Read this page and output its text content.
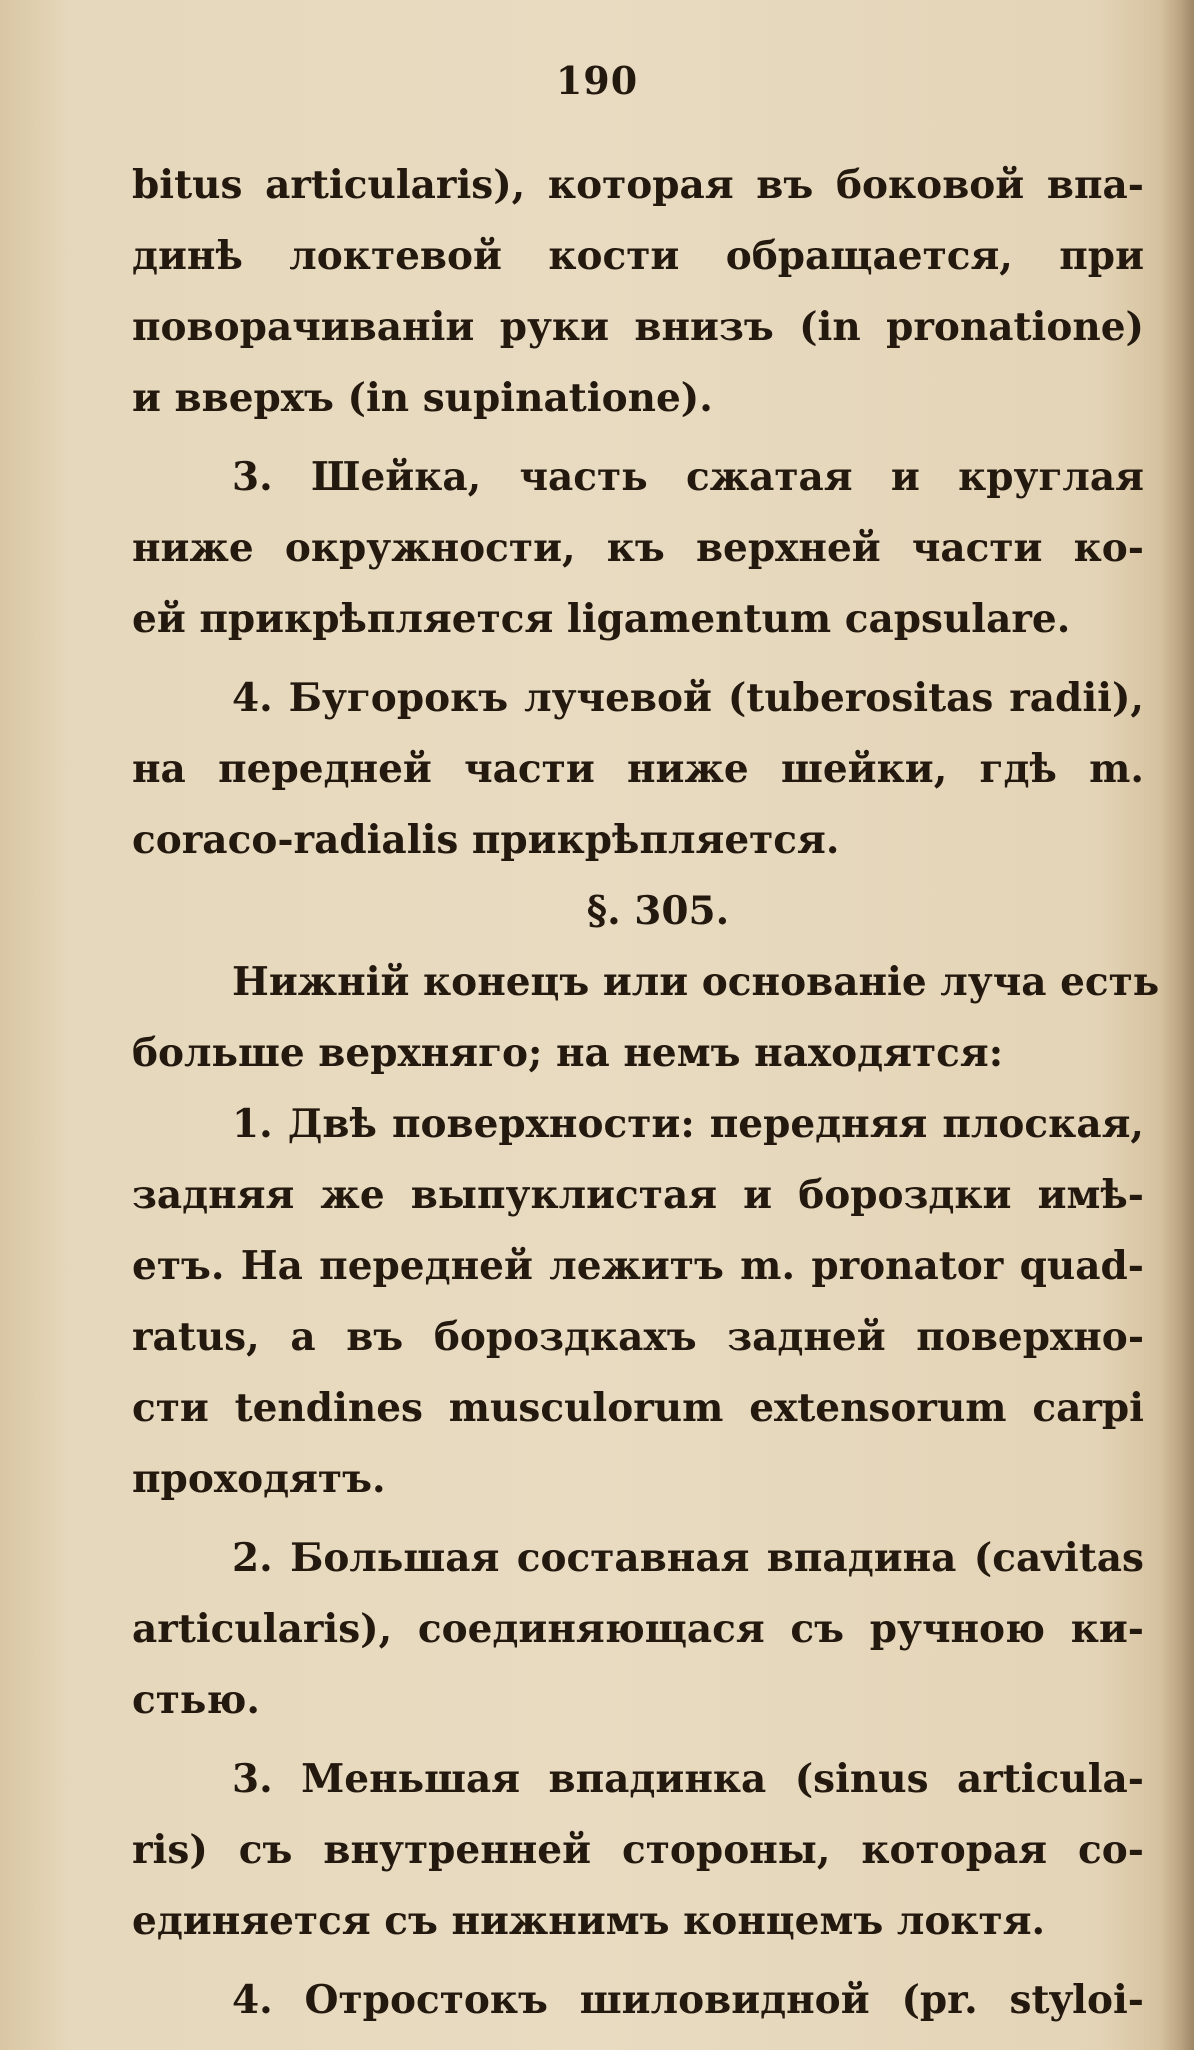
190
bitus articularis), которая въ боковой впа-
динѣ локтевой кости обращается, при
поворачиваніи руки внизъ (in pronatione)
и вверхъ (in supinatione).
3. Шейка, часть сжатая и круглая
ниже окружности, къ верхней части ко-
ей прикрѣпляется ligamentum capsulare.
4. Бугорокъ лучевой (tuberositas radii),
на передней части ниже шейки, гдѣ m.
coraco-radialis прикрѣпляется.
§. 305.
Нижній конецъ или основаніе луча есть
больше верхняго; на немъ находятся:
1. Двѣ поверхности: передняя плоская,
задняя же выпуклистая и бороздки имѣ-
етъ. На передней лежитъ m. pronator quad-
ratus, а въ бороздкахъ задней поверхно-
сти tendines musculorum extensorum carpi
проходятъ.
2. Большая составная впадина (cavitas
articularis), соединяющася съ ручною ки-
стью.
3. Меньшая впадинка (sinus articula-
ris) съ внутренней стороны, которая со-
единяется съ нижнимъ концемъ локтя.
4. Отростокъ шиловидной (pr. styloi-
